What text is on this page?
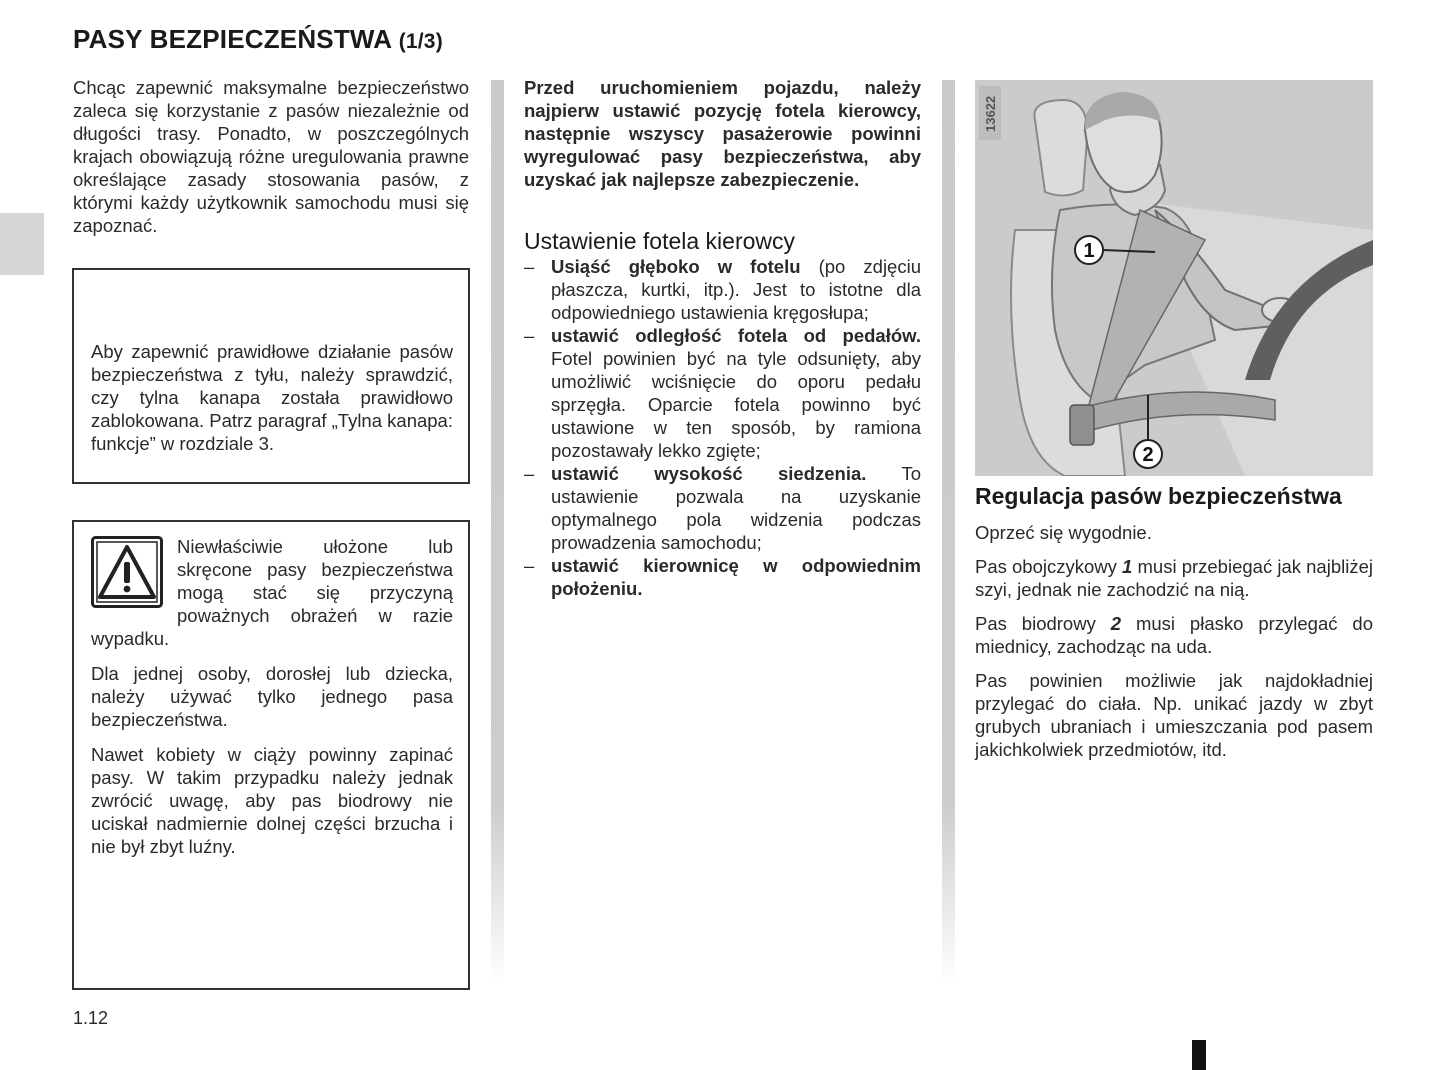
PASY BEZPIECZEŃSTWA (1/3)

Chcąc zapewnić maksymalne bezpieczeństwo zaleca się korzystanie z pasów niezależnie od długości trasy. Ponadto, w poszczególnych krajach obowiązują różne uregulowania prawne określające zasady stosowania pasów, z którymi każdy użytkownik samochodu musi się zapoznać.

Aby zapewnić prawidłowe działanie pasów bezpieczeństwa z tyłu, należy sprawdzić, czy tylna kanapa została prawidłowo zablokowana. Patrz paragraf „Tylna kanapa: funkcje” w rozdziale 3.

Niewłaściwie ułożone lub skręcone pasy bezpieczeństwa mogą stać się przyczyną poważnych obrażeń w razie wypadku.

Dla jednej osoby, dorosłej lub dziecka, należy używać tylko jednego pasa bezpieczeństwa.

Nawet kobiety w ciąży powinny zapinać pasy. W takim przypadku należy jednak zwrócić uwagę, aby pas biodrowy nie uciskał nadmiernie dolnej części brzucha i nie był zbyt luźny.

Przed uruchomieniem pojazdu, należy najpierw ustawić pozycję fotela kierowcy, następnie wszyscy pasażerowie powinni wyregulować pasy bezpieczeństwa, aby uzyskać jak najlepsze zabezpieczenie.

Ustawienie fotela kierowcy
– Usiąść głęboko w fotelu (po zdjęciu płaszcza, kurtki, itp.). Jest to istotne dla odpowiedniego ustawienia kręgosłupa;
– ustawić odległość fotela od pedałów. Fotel powinien być na tyle odsunięty, aby umożliwić wciśnięcie do oporu pedału sprzęgła. Oparcie fotela powinno być ustawione w ten sposób, by ramiona pozostawały lekko zgięte;
– ustawić wysokość siedzenia. To ustawienie pozwala na uzyskanie optymalnego pola widzenia podczas prowadzenia samochodu;
– ustawić kierownicę w odpowiednim położeniu.
13622
1
2
Regulacja pasów bezpieczeństwa

Oprzeć się wygodnie.

Pas obojczykowy 1 musi przebiegać jak najbliżej szyi, jednak nie zachodzić na nią.

Pas biodrowy 2 musi płasko przylegać do miednicy, zachodząc na uda.

Pas powinien możliwie jak najdokładniej przylegać do ciała. Np. unikać jazdy w zbyt grubych ubraniach i umieszczania pod pasem jakichkolwiek przedmiotów, itd.

1.12
